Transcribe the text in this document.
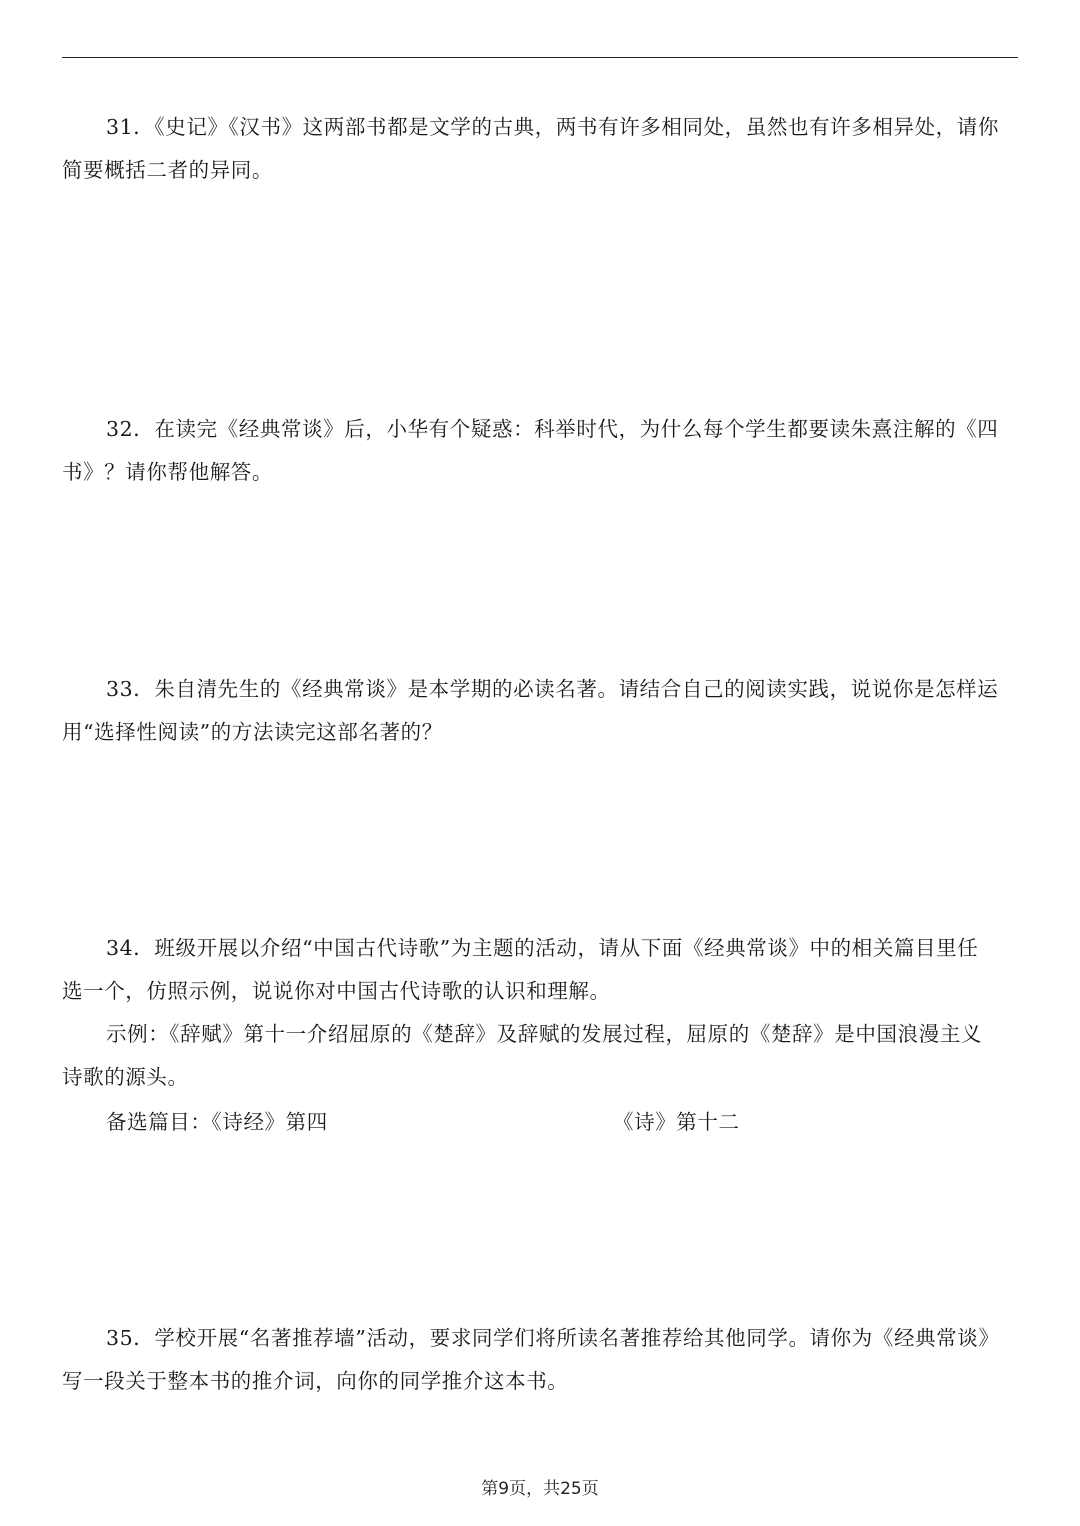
31．《史记》《汉书》这两部书都是文学的古典，两书有许多相同处，虽然也有许多相异处，请你
简要概括二者的异同。
32．在读完《经典常谈》后，小华有个疑惑：科举时代，为什么每个学生都要读朱熹注解的《四
书》？请你帮他解答。
33．朱自清先生的《经典常谈》是本学期的必读名著。请结合自己的阅读实践，说说你是怎样运
用“选择性阅读”的方法读完这部名著的？
34．班级开展以介绍“中国古代诗歌”为主题的活动，请从下面《经典常谈》中的相关篇目里任
选一个，仿照示例，说说你对中国古代诗歌的认识和理解。
示例：《辞赋》第十一介绍屈原的《楚辞》及辞赋的发展过程，屈原的《楚辞》是中国浪漫主义
诗歌的源头。
备选篇目：《诗经》第四	《诗》第十二
35．学校开展“名著推荐墙”活动，要求同学们将所读名著推荐给其他同学。请你为《经典常谈》
写一段关于整本书的推介词，向你的同学推介这本书。
第9页，共25页
